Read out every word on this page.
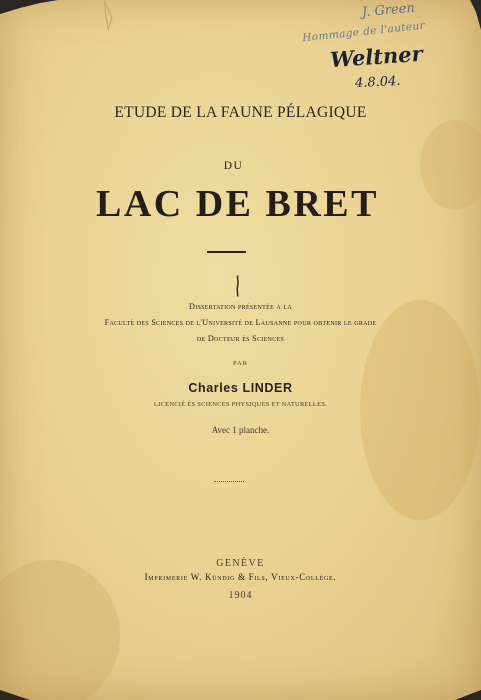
J. Green
Hommage de l'auteur
Weltner
4.8.04.
ETUDE DE LA FAUNE PÉLAGIQUE
DU
LAC DE BRET
Dissertation présentée a la
Faculté des Sciences de l'Université de Lausanne pour obtenir le grade
de Docteur ès Sciences
PAR
Charles LINDER
LICENCIÉ ÈS SCIENCES PHYSIQUES ET NATURELLES.
Avec 1 planche.
GENÈVE
Imprimerie W. Kündig & Fils, Vieux-Collège.
1904
